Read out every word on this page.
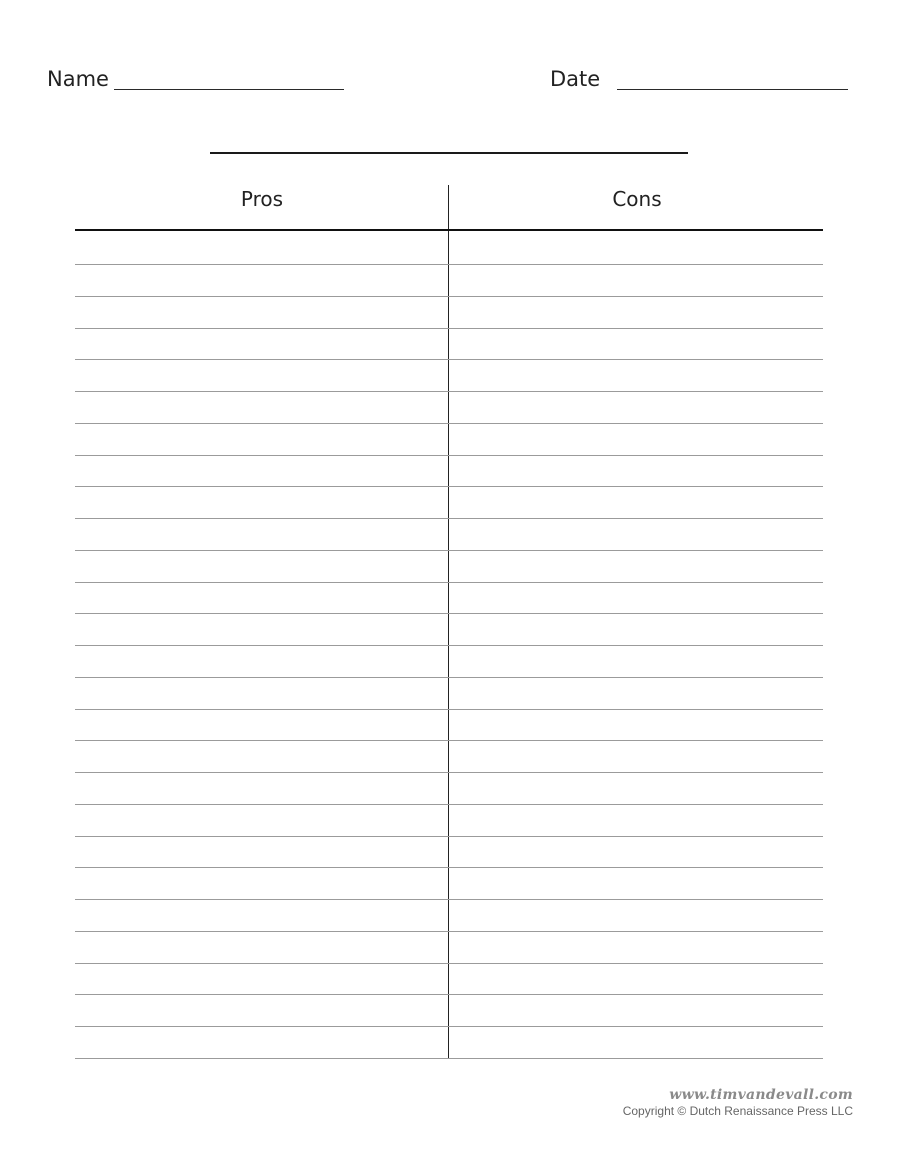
Name	Date
Pros	Cons
www.timvandevall.com
Copyright © Dutch Renaissance Press LLC
